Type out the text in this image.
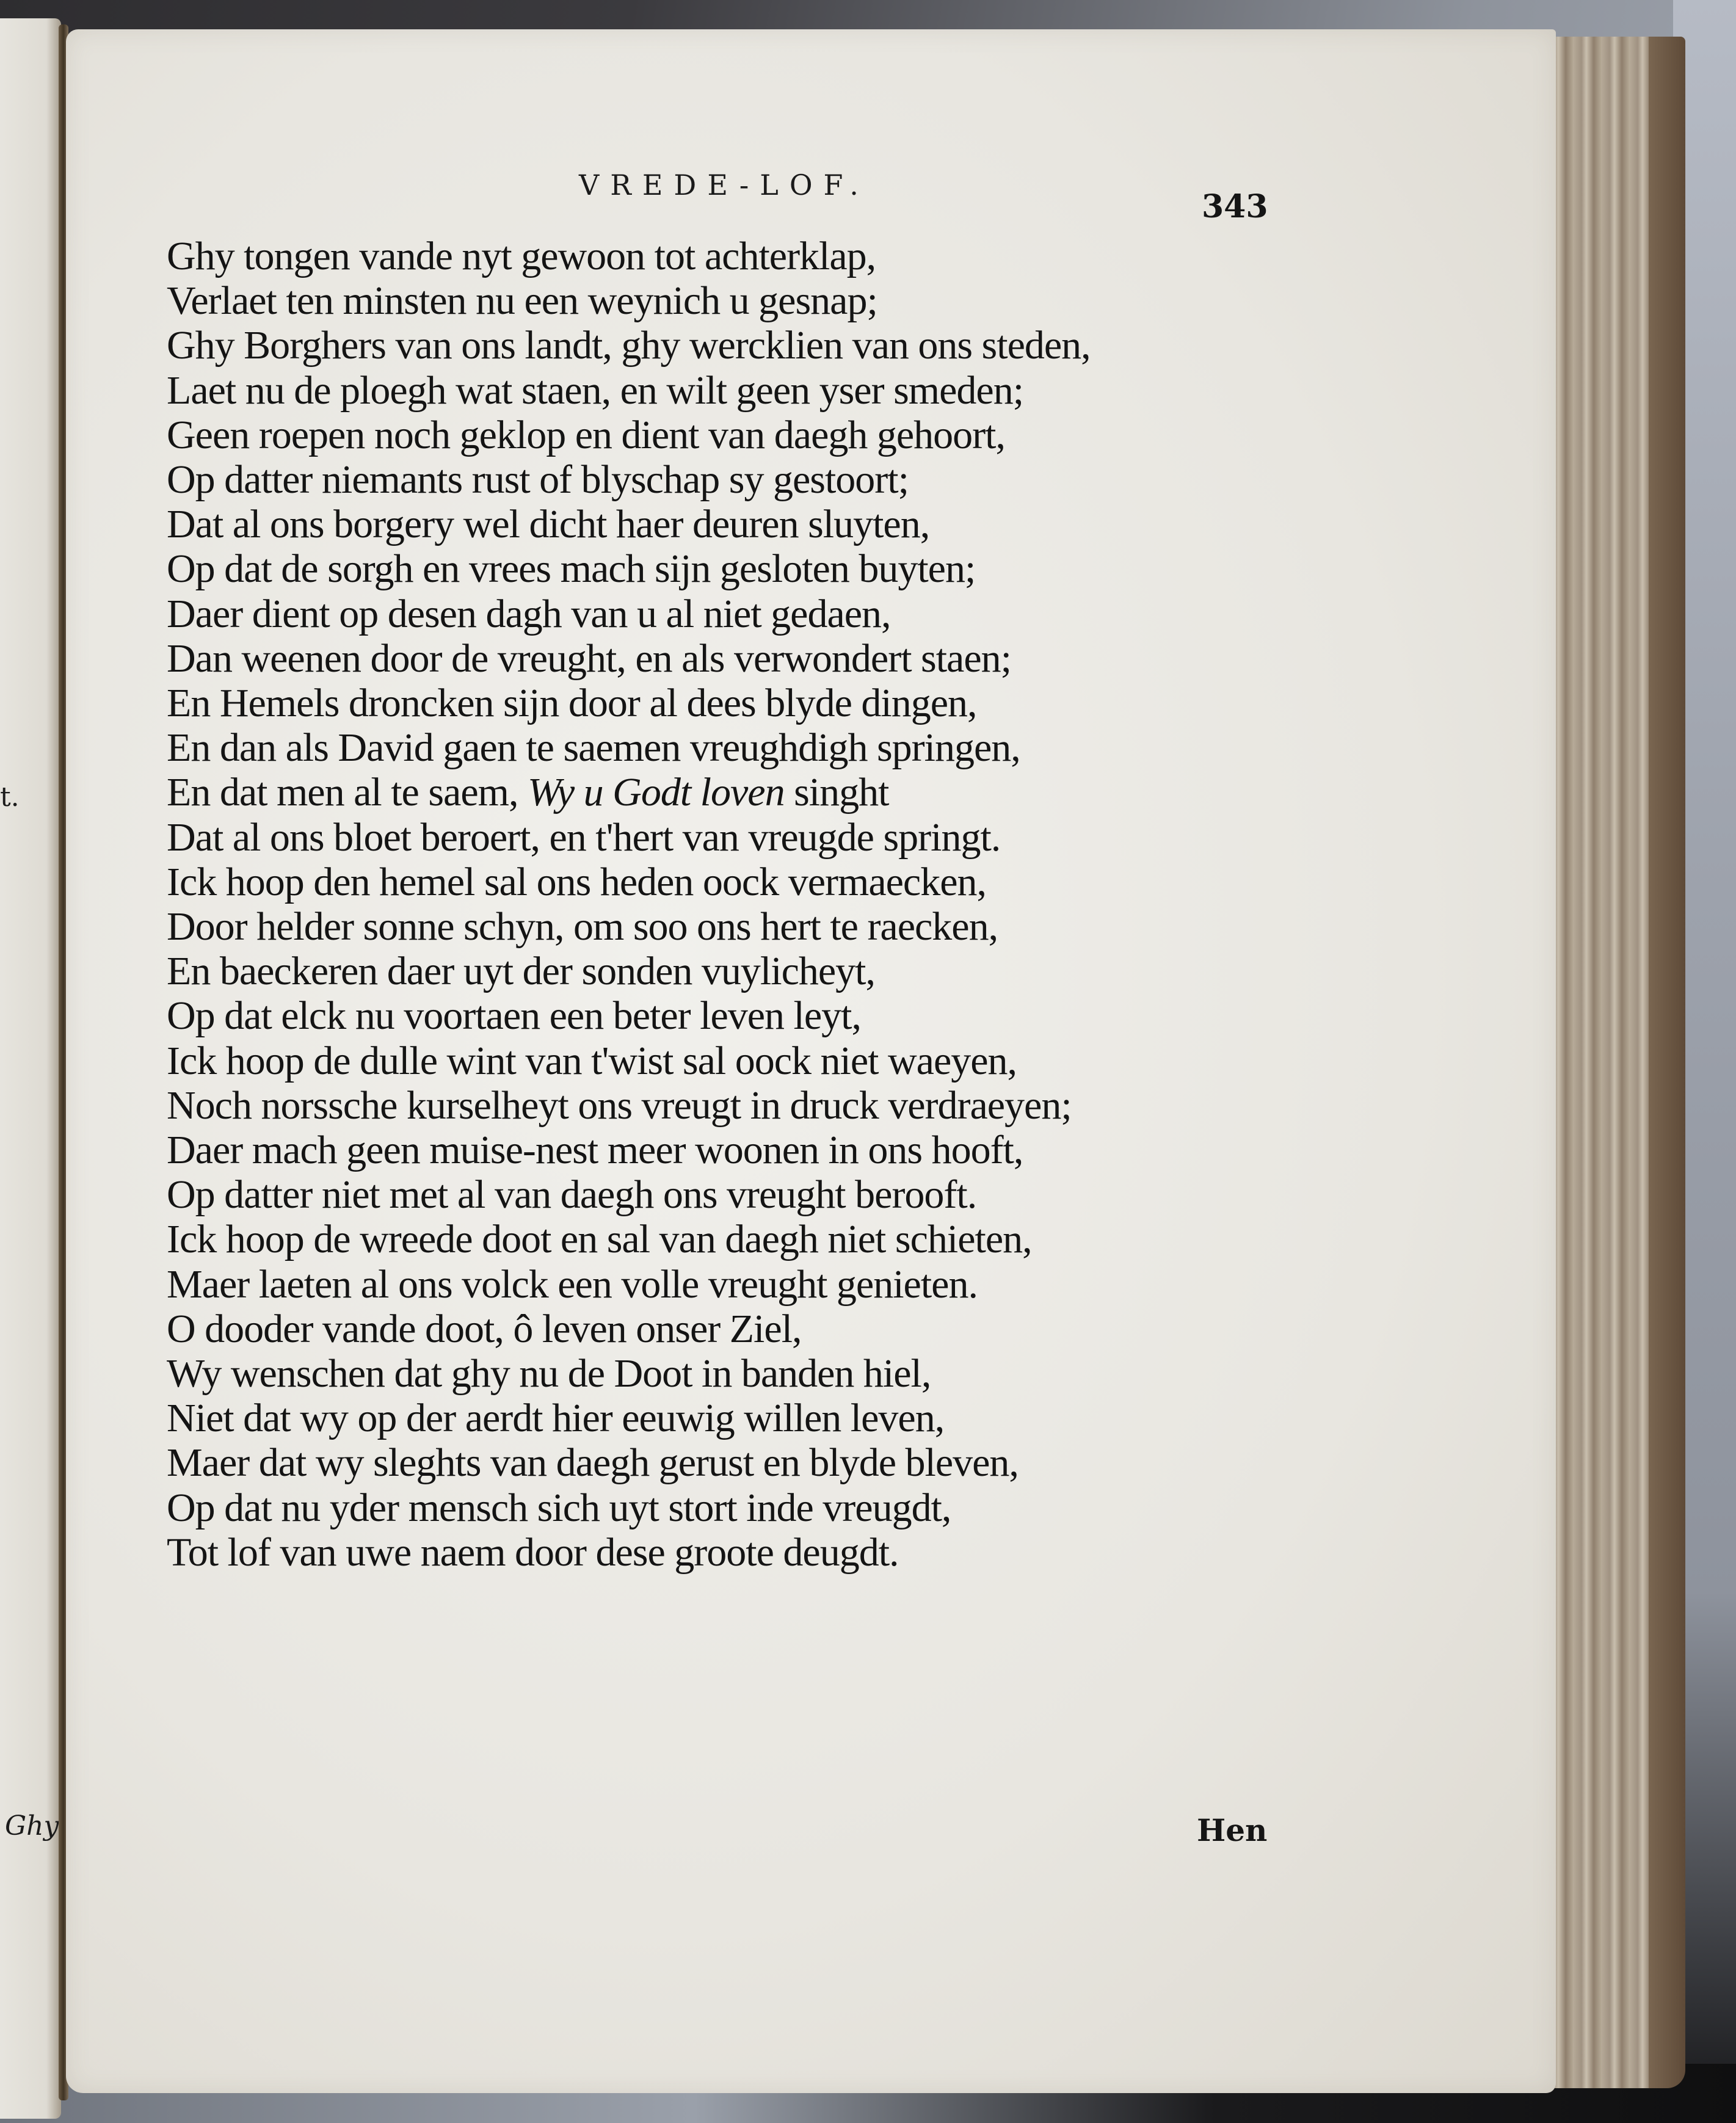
t.
Ghy
VREDE-LOF.
343
Ghy tongen vande nyt gewoon tot achterklap,
Verlaet ten minsten nu een weynich u gesnap;
Ghy Borghers van ons landt, ghy wercklien van ons steden,
Laet nu de ploegh wat staen, en wilt geen yser smeden;
Geen roepen noch geklop en dient van daegh gehoort,
Op datter niemants rust of blyschap sy gestoort;
Dat al ons borgery wel dicht haer deuren sluyten,
Op dat de sorgh en vrees mach sijn gesloten buyten;
Daer dient op desen dagh van u al niet gedaen,
Dan weenen door de vreught, en als verwondert staen;
En Hemels droncken sijn door al dees blyde dingen,
En dan als David gaen te saemen vreughdigh springen,
En dat men al te saem, Wy u Godt loven singht
Dat al ons bloet beroert, en t'hert van vreugde springt.
Ick hoop den hemel sal ons heden oock vermaecken,
Door helder sonne schyn, om soo ons hert te raecken,
En baeckeren daer uyt der sonden vuylicheyt,
Op dat elck nu voortaen een beter leven leyt,
Ick hoop de dulle wint van t'wist sal oock niet waeyen,
Noch norssche kurselheyt ons vreugt in druck verdraeyen;
Daer mach geen muise-nest meer woonen in ons hooft,
Op datter niet met al van daegh ons vreught berooft.
Ick hoop de wreede doot en sal van daegh niet schieten,
Maer laeten al ons volck een volle vreught genieten.
O dooder vande doot, ô leven onser Ziel,
Wy wenschen dat ghy nu de Doot in banden hiel,
Niet dat wy op der aerdt hier eeuwig willen leven,
Maer dat wy sleghts van daegh gerust en blyde bleven,
Op dat nu yder mensch sich uyt stort inde vreugdt,
Tot lof van uwe naem door dese groote deugdt.
Hen
